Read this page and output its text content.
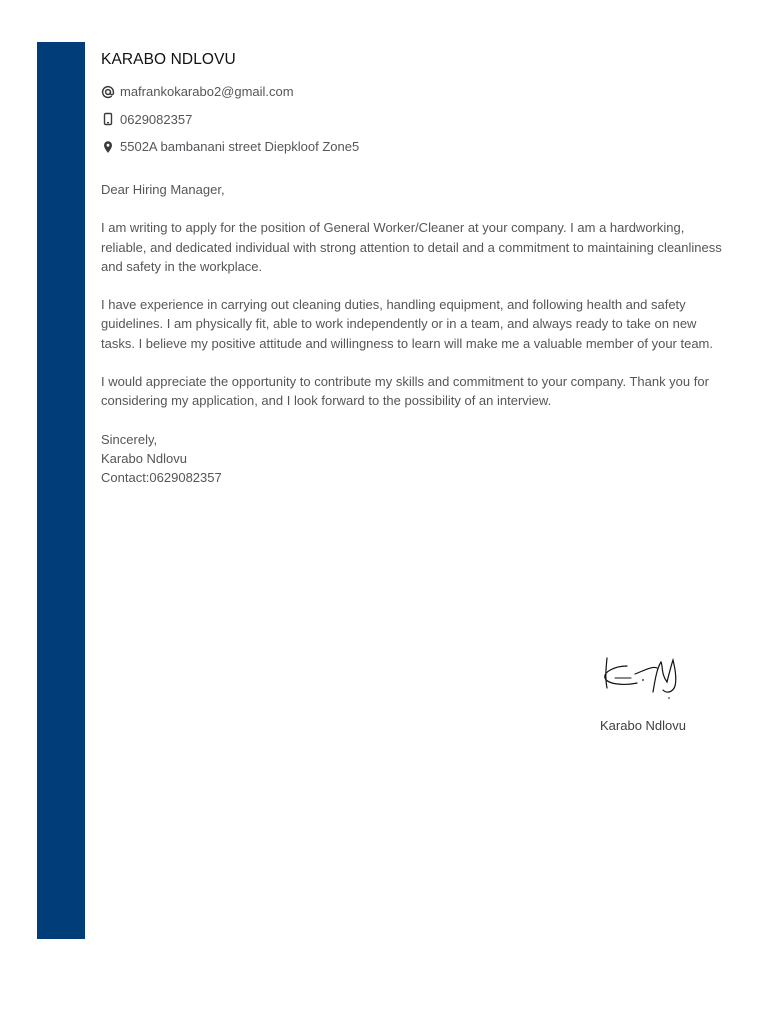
KARABO NDLOVU
mafrankokarabo2@gmail.com
0629082357
5502A bambanani street Diepkloof Zone5

Dear Hiring Manager,

I am writing to apply for the position of General Worker/Cleaner at your company. I am a hardworking, reliable, and dedicated individual with strong attention to detail and a commitment to maintaining cleanliness and safety in the workplace.

I have experience in carrying out cleaning duties, handling equipment, and following health and safety guidelines. I am physically fit, able to work independently or in a team, and always ready to take on new tasks. I believe my positive attitude and willingness to learn will make me a valuable member of your team.

I would appreciate the opportunity to contribute my skills and commitment to your company. Thank you for considering my application, and I look forward to the possibility of an interview.

Sincerely,
Karabo Ndlovu
Contact:0629082357
Karabo Ndlovu
